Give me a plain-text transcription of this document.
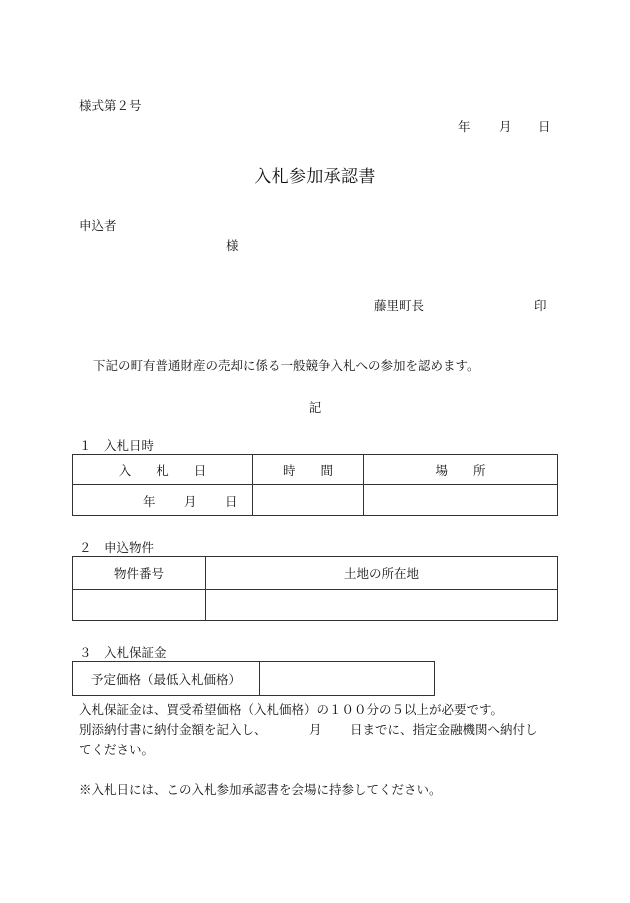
様式第２号
年 月 日
入札参加承認書
申込者
様
藤里町長	印
下記の町有普通財産の売却に係る一般競争入札への参加を認めます。
記
１　入札日時
入　　札　　日	時　　間	場　　所

年 月 日		

２　申込物件
物件番号	土地の所在地

３　入札保証金
予定価格（最低入札価格）	
入札保証金は、買受希望価格（入札価格）の１００分の５以上が必要です。
別添納付書に納付金額を記入し、	月 日までに、指定金融機関へ納付し
てください。
※入札日には、この入札参加承認書を会場に持参してください。
